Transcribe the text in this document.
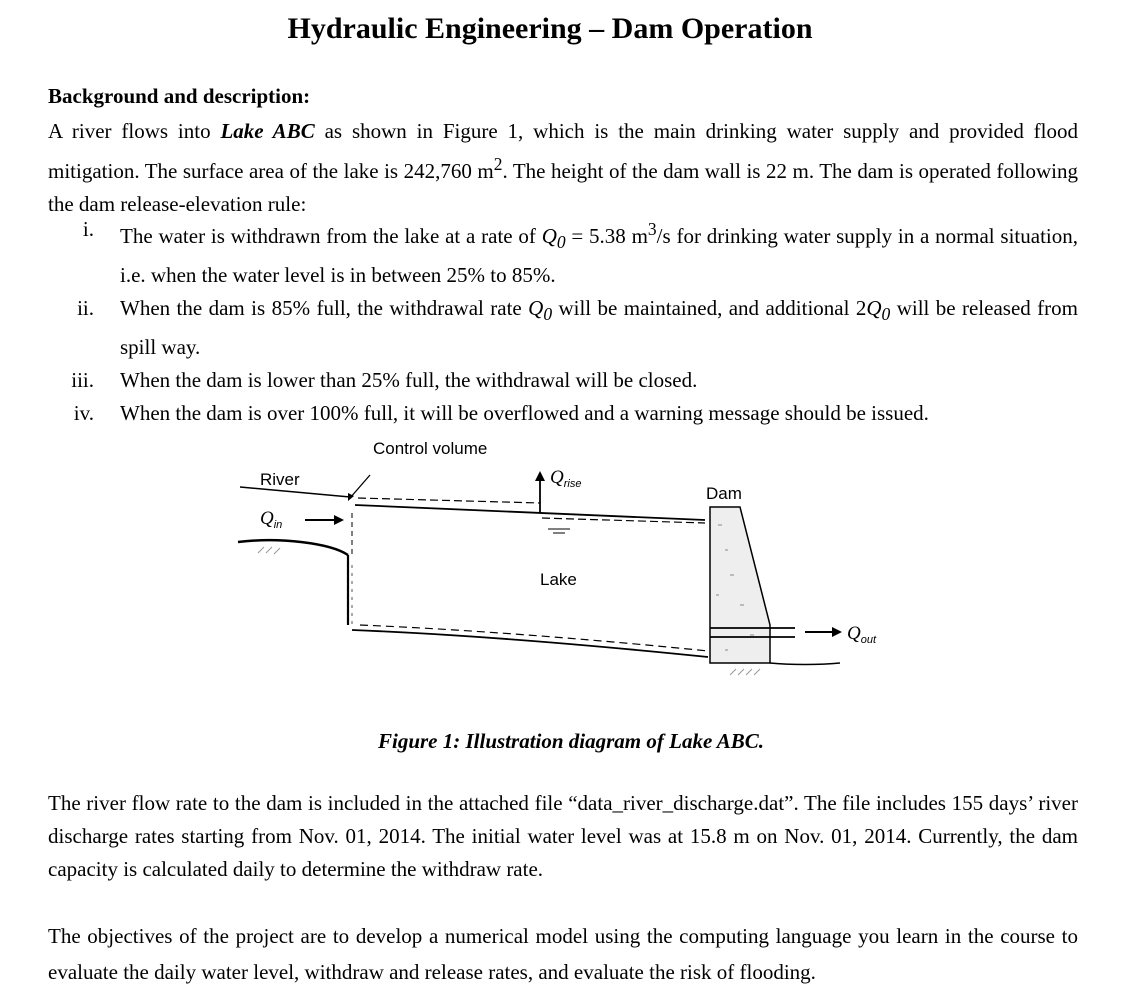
Hydraulic Engineering – Dam Operation
Background and description:
A river flows into Lake ABC as shown in Figure 1, which is the main drinking water supply and provided flood mitigation. The surface area of the lake is 242,760 $m^2$. The height of the dam wall is 22 m. The dam is operated following the dam release-elevation rule:
i. The water is withdrawn from the lake at a rate of $Q_0 = 5.38$ $m^3/s$ for drinking water supply in a normal situation, i.e. when the water level is in between 25% to 85%.
ii. When the dam is 85% full, the withdrawal rate $Q_0$ will be maintained, and additional $2Q_0$ will be released from spill way.
iii. When the dam is lower than 25% full, the withdrawal will be closed.
iv. When the dam is over 100% full, it will be overflowed and a warning message should be issued.
Control volume
River
$Q_{in}$
$Q_{rise}$
Lake
Dam
$Q_{out}$
Figure 1: Illustration diagram of Lake ABC.
The river flow rate to the dam is included in the attached file “data_river_discharge.dat”. The file includes 155 days’ river discharge rates starting from Nov. 01, 2014. The initial water level was at 15.8 m on Nov. 01, 2014. Currently, the dam capacity is calculated daily to determine the withdraw rate.
The objectives of the project are to develop a numerical model using the computing language you learn in the course to evaluate the daily water level, withdraw and release rates, and evaluate the risk of flooding.
